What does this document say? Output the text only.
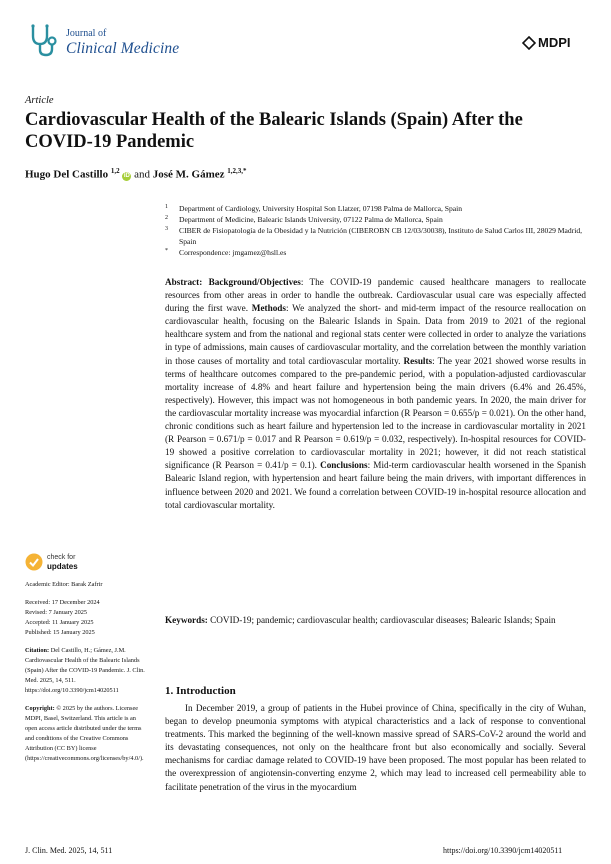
Journal of
Clinical Medicine	MDPI
Article
Cardiovascular Health of the Balearic Islands (Spain) After the COVID-19 Pandemic
Hugo Del Castillo $^{1,2}$ iD and José M. Gámez $^{1,2,3,*}$
1 Department of Cardiology, University Hospital Son Llatzer, 07198 Palma de Mallorca, Spain
2 Department of Medicine, Balearic Islands University, 07122 Palma de Mallorca, Spain
3 CIBER de Fisiopatología de la Obesidad y la Nutrición (CIBEROBN CB 12/03/30038), Instituto de Salud Carlos III, 28029 Madrid, Spain
* Correspondence: jmgamez@hsll.es
Abstract: Background/Objectives: The COVID-19 pandemic caused healthcare managers to reallocate resources from other areas in order to handle the outbreak. Cardiovascular usual care was especially affected during the first wave. Methods: We analyzed the short- and mid-term impact of the resource reallocation on cardiovascular health, focusing on the Balearic Islands in Spain. Data from 2019 to 2021 of the regional healthcare system and from the national and regional stats center were collected in order to analyze the variations in type of admissions, main causes of cardiovascular mortality, and the correlation between the monthly variation in those causes of mortality and total cardiovascular mortality. Results: The year 2021 showed worse results in terms of healthcare outcomes compared to the pre-pandemic period, with a population-adjusted cardiovascular mortality increase of 4.8% and heart failure and hypertension being the main drivers (6.4% and 26.45%, respectively). However, this impact was not homogeneous in both pandemic years. In 2020, the main driver for the cardiovascular mortality increase was myocardial infarction (R Pearson = 0.655/p = 0.021). On the other hand, chronic conditions such as heart failure and hypertension led to the increase in cardiovascular mortality in 2021 (R Pearson = 0.671/p = 0.017 and R Pearson = 0.619/p = 0.032, respectively). In-hospital resources for COVID-19 showed a positive correlation to cardiovascular mortality in 2021; however, it did not reach statistical significance (R Pearson = 0.41/p = 0.1). Conclusions: Mid-term cardiovascular health worsened in the Spanish Balearic Island region, with hypertension and heart failure being the main drivers, with important differences in influence between 2020 and 2021. We found a correlation between COVID-19 in-hospital resource allocation and total cardiovascular mortality.
Keywords: COVID-19; pandemic; cardiovascular health; cardiovascular diseases; Balearic Islands; Spain
1. Introduction
In December 2019, a group of patients in the Hubei province of China, specifically in the city of Wuhan, began to develop pneumonia symptoms with atypical characteristics and a lack of response to conventional treatments. This marked the beginning of the well-known massive spread of SARS-CoV-2 around the world and its devastating consequences, not only on the healthcare front but also economically and socially. Several mechanisms for cardiac damage related to COVID-19 have been proposed. The most popular has been related to the overexpression of angiotensin-converting enzyme 2, which may lead to increased cell permeability able to facilitate penetration of the virus in the myocardium
check for
updates
Academic Editor: Barak Zafrir
Received: 17 December 2024
Revised: 7 January 2025
Accepted: 11 January 2025
Published: 15 January 2025
Citation: Del Castillo, H.; Gámez, J.M. Cardiovascular Health of the Balearic Islands (Spain) After the COVID-19 Pandemic. J. Clin. Med. 2025, 14, 511. https://doi.org/10.3390/jcm14020511
Copyright: © 2025 by the authors. Licensee MDPI, Basel, Switzerland. This article is an open access article distributed under the terms and conditions of the Creative Commons Attribution (CC BY) license (https://creativecommons.org/licenses/by/4.0/).
J. Clin. Med. 2025, 14, 511	https://doi.org/10.3390/jcm14020511
